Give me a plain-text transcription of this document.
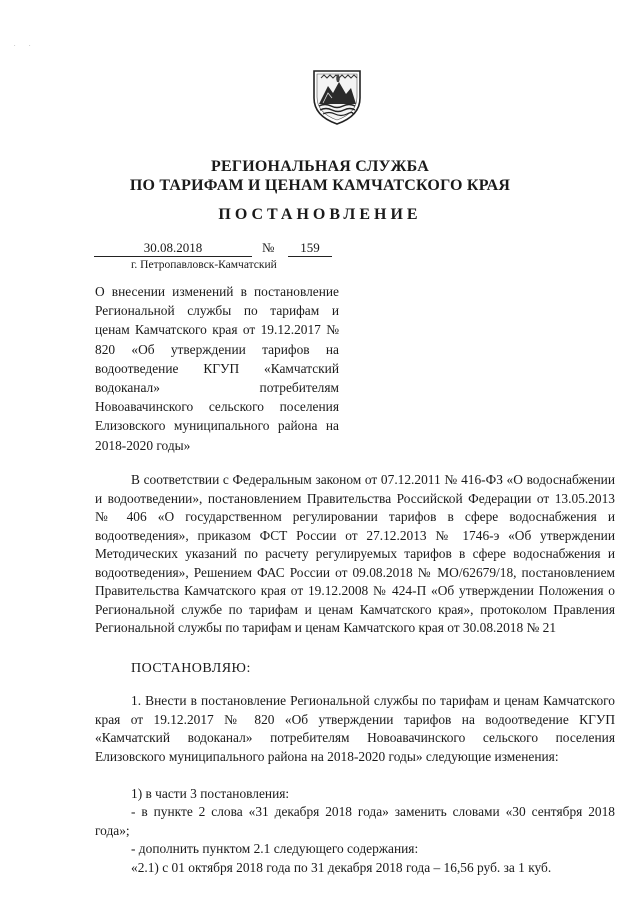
. .
РЕГИОНАЛЬНАЯ СЛУЖБА
ПО ТАРИФАМ И ЦЕНАМ КАМЧАТСКОГО КРАЯ
ПОСТАНОВЛЕНИЕ
30.08.2018	№	159
г. Петропавловск-Камчатский
О внесении изменений в постановление Региональной службы по тарифам и ценам Камчатского края от 19.12.2017 № 820 «Об утверждении тарифов на водоотведение КГУП «Камчатский водоканал» потребителям Новоавачинского сельского поселения Елизовского муниципального района на 2018-2020 годы»
В соответствии с Федеральным законом от 07.12.2011 № 416-ФЗ «О водоснабжении и водоотведении», постановлением Правительства Российской Федерации от 13.05.2013 № 406 «О государственном регулировании тарифов в сфере водоснабжения и водоотведения», приказом ФСТ России от 27.12.2013 № 1746-э «Об утверждении Методических указаний по расчету регулируемых тарифов в сфере водоснабжения и водоотведения», Решением ФАС России от 09.08.2018 № МО/62679/18, постановлением Правительства Камчатского края от 19.12.2008 № 424-П «Об утверждении Положения о Региональной службе по тарифам и ценам Камчатского края», протоколом Правления Региональной службы по тарифам и ценам Камчатского края от 30.08.2018 № 21
ПОСТАНОВЛЯЮ:
1. Внести в постановление Региональной службы по тарифам и ценам Камчатского края от 19.12.2017 № 820 «Об утверждении тарифов на водоотведение КГУП «Камчатский водоканал» потребителям Новоавачинского сельского поселения Елизовского муниципального района на 2018-2020 годы» следующие изменения:
1) в части 3 постановления:
- в пункте 2 слова «31 декабря 2018 года» заменить словами «30 сентября 2018 года»;
- дополнить пунктом 2.1 следующего содержания:
«2.1) с 01 октября 2018 года по 31 декабря 2018 года – 16,56 руб. за 1 куб.
